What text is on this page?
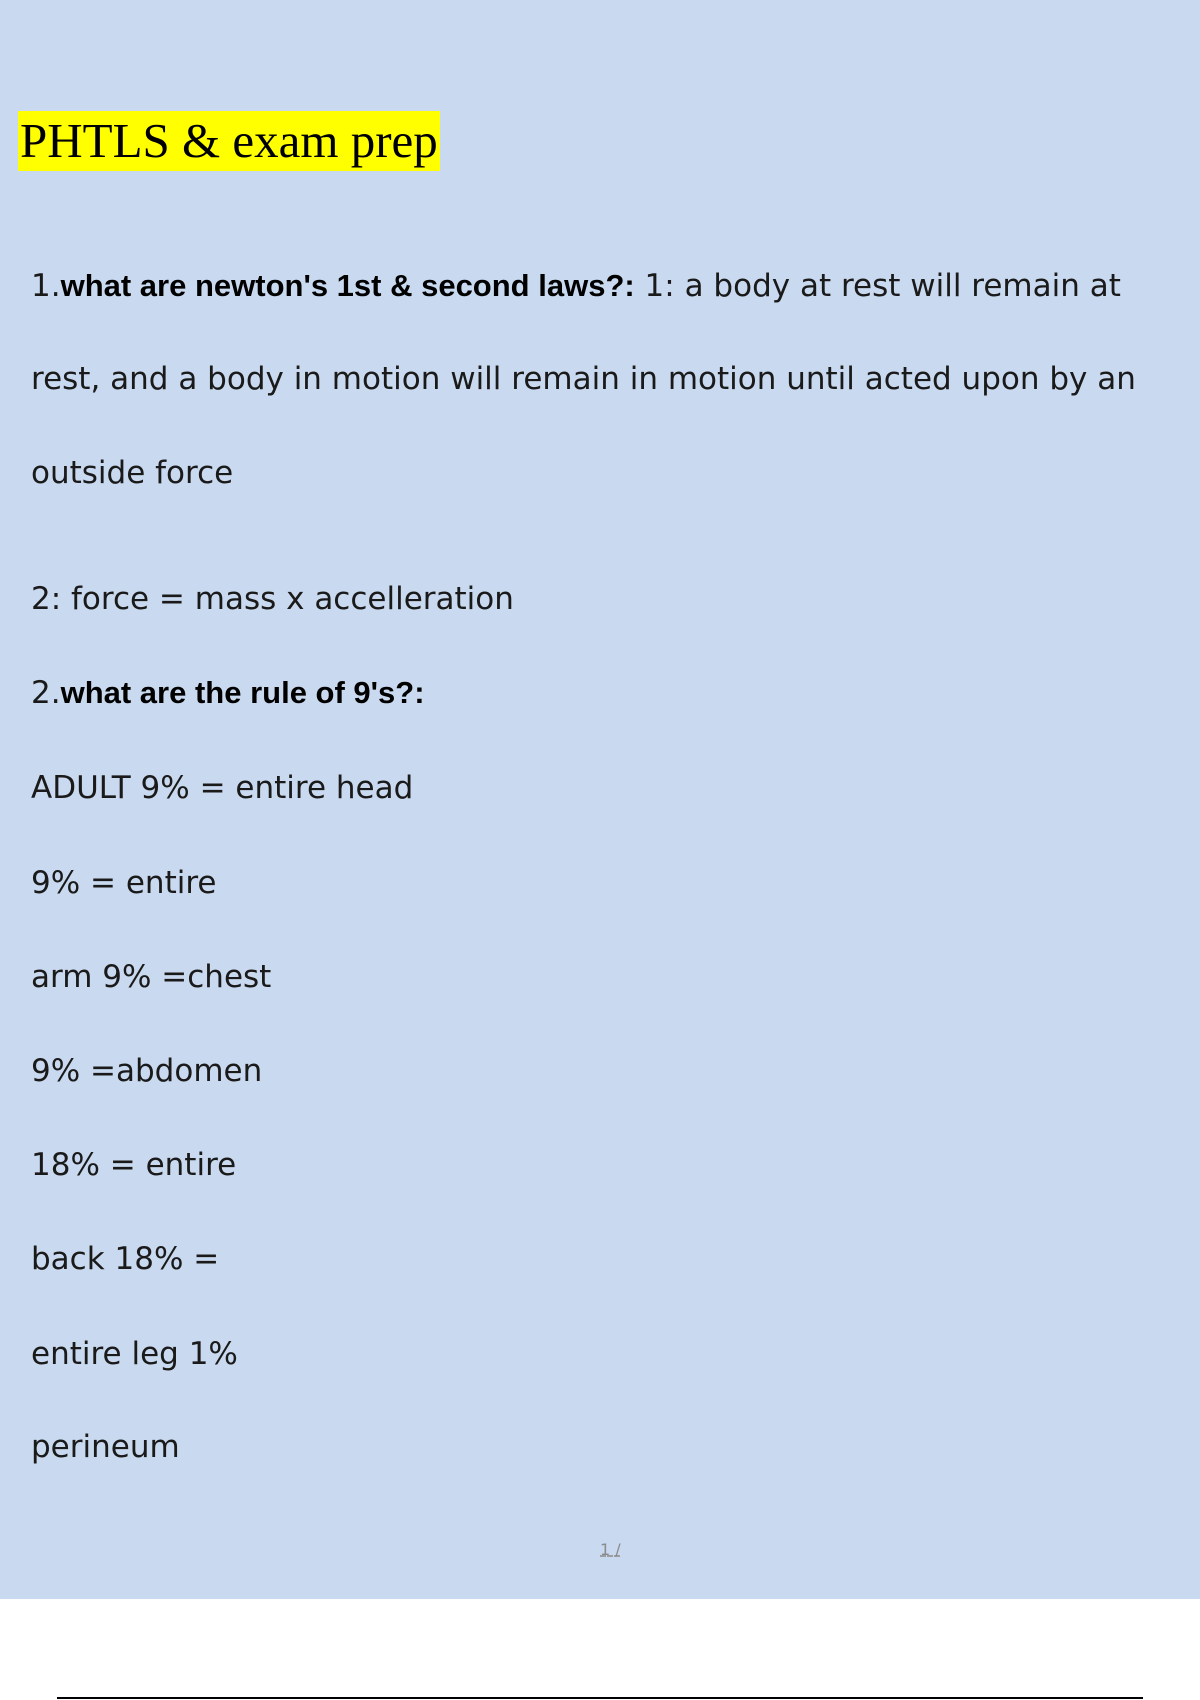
PHTLS & exam prep
1.what are newton's 1st & second laws?: 1: a body at rest will remain at
rest, and a body in motion will remain in motion until acted upon by an
outside force
2: force = mass x accelleration
2.what are the rule of 9's?:
ADULT 9% = entire head
9% = entire
arm 9% =chest
9% =abdomen
18% = entire
back 18% =
entire leg 1%
perineum
1 /
